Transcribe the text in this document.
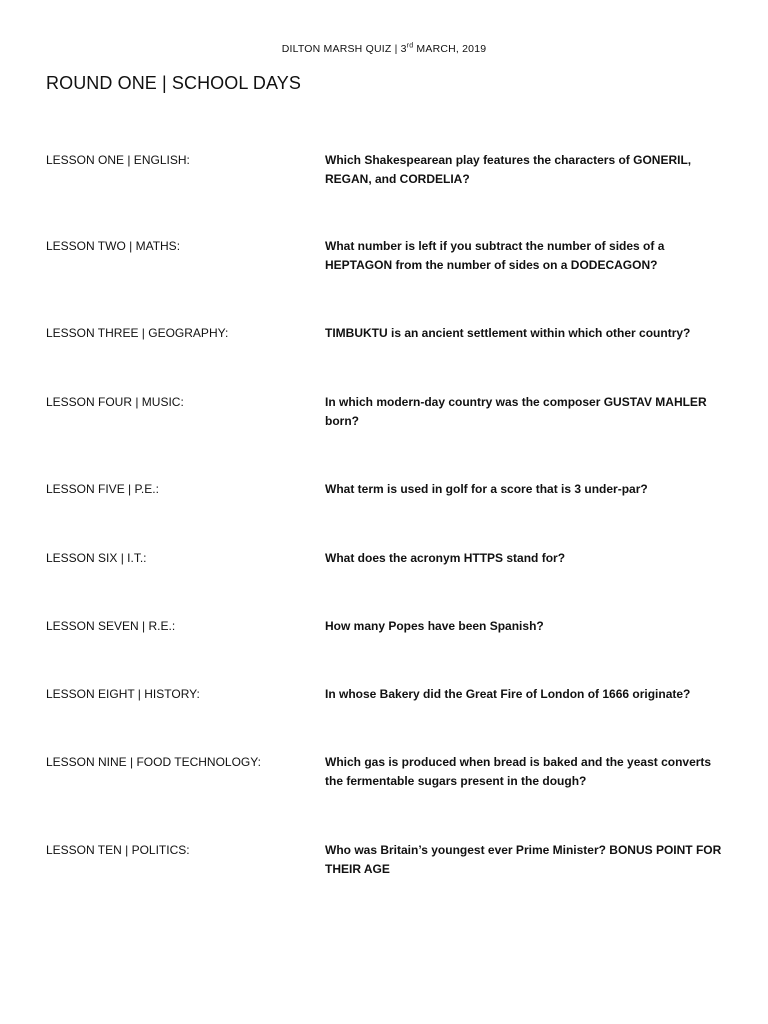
DILTON MARSH QUIZ | 3rd MARCH, 2019
ROUND ONE | SCHOOL DAYS
LESSON ONE | ENGLISH:	Which Shakespearean play features the characters of GONERIL, REGAN, and CORDELIA?
LESSON TWO | MATHS:	What number is left if you subtract the number of sides of a HEPTAGON from the number of sides on a DODECAGON?
LESSON THREE | GEOGRAPHY:	TIMBUKTU is an ancient settlement within which other country?
LESSON FOUR | MUSIC:	In which modern-day country was the composer GUSTAV MAHLER born?
LESSON FIVE | P.E.:	What term is used in golf for a score that is 3 under-par?
LESSON SIX | I.T.:	What does the acronym HTTPS stand for?
LESSON SEVEN | R.E.:	How many Popes have been Spanish?
LESSON EIGHT | HISTORY:	In whose Bakery did the Great Fire of London of 1666 originate?
LESSON NINE | FOOD TECHNOLOGY:	Which gas is produced when bread is baked and the yeast converts the fermentable sugars present in the dough?
LESSON TEN | POLITICS:	Who was Britain’s youngest ever Prime Minister? BONUS POINT FOR THEIR AGE
